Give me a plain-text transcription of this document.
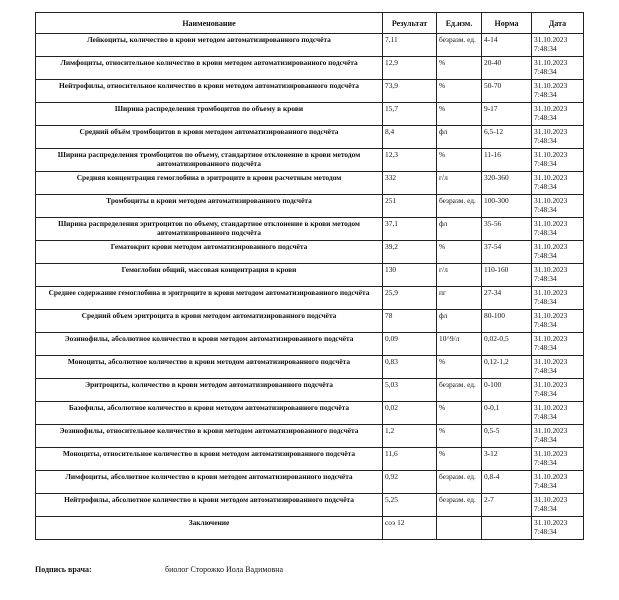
Наименование	Результат	Ед.изм.	Норма	Дата
Лейкоциты, количество в крови методом автоматизированного подсчёта	7,11	безразм. ед.	4-14	31.10.2023 7:48:34
Лимфоциты, относительное количество в крови методом автоматизированного подсчёта	12,9	%	20-40	31.10.2023 7:48:34
Нейтрофилы, относительное количество в крови методом автоматизированного подсчёта	73,9	%	50-70	31.10.2023 7:48:34
Ширина распределения тромбоцитов по объему в крови	15,7	%	9-17	31.10.2023 7:48:34
Средний объём тромбоцитов в крови методом автоматизированного подсчёта	8,4	фл	6,5-12	31.10.2023 7:48:34
Ширина распределения тромбоцитов по объему, стандартное отклонение в крови методом автоматизированного подсчёта	12,3	%	11-16	31.10.2023 7:48:34
Средняя концентрация гемоглобина в эритроците в крови расчетным методом	332	г/л	320-360	31.10.2023 7:48:34
Тромбоциты в крови методом автоматизированного подсчёта	251	безразм. ед.	100-300	31.10.2023 7:48:34
Ширина распределения эритроцитов по объему, стандартное отклонение в крови методом автоматизированного подсчёта	37,1	фл	35-56	31.10.2023 7:48:34
Гематокрит крови методом автоматизированного подсчёта	39,2	%	37-54	31.10.2023 7:48:34
Гемоглобин общий, массовая концентрация в крови	130	г/л	110-160	31.10.2023 7:48:34
Среднее содержание гемоглобина в эритроците в крови методом автоматизированного подсчёта	25,9	пг	27-34	31.10.2023 7:48:34
Средний объем эритроцита в крови методом автоматизированного подсчёта	78	фл	80-100	31.10.2023 7:48:34
Эозинофилы, абсолютное количество в крови методом автоматизированного подсчёта	0,09	10^9/л	0,02-0,5	31.10.2023 7:48:34
Моноциты, абсолютное количество в крови методом автоматизированного подсчёта	0,83	%	0,12-1,2	31.10.2023 7:48:34
Эритроциты, количество в крови методом автоматизированного подсчёта	5,03	безразм. ед.	0-100	31.10.2023 7:48:34
Базофилы, абсолютное количество в крови методом автоматизированного подсчёта	0,02	%	0-0,1	31.10.2023 7:48:34
Эозинофилы, относительное количество в крови методом автоматизированного подсчёта	1,2	%	0,5-5	31.10.2023 7:48:34
Моноциты, относительное количество в крови методом автоматизированного подсчёта	11,6	%	3-12	31.10.2023 7:48:34
Лимфоциты, абсолютное количество в крови методом автоматизированного подсчёта	0,92	безразм. ед.	0,8-4	31.10.2023 7:48:34
Нейтрофилы, абсолютное количество в крови методом автоматизированного подсчёта	5,25	безразм. ед.	2-7	31.10.2023 7:48:34
Заключение	соэ 12			31.10.2023 7:48:34
Подпись врача:	биолог Сторожко Иола Вадимовна
